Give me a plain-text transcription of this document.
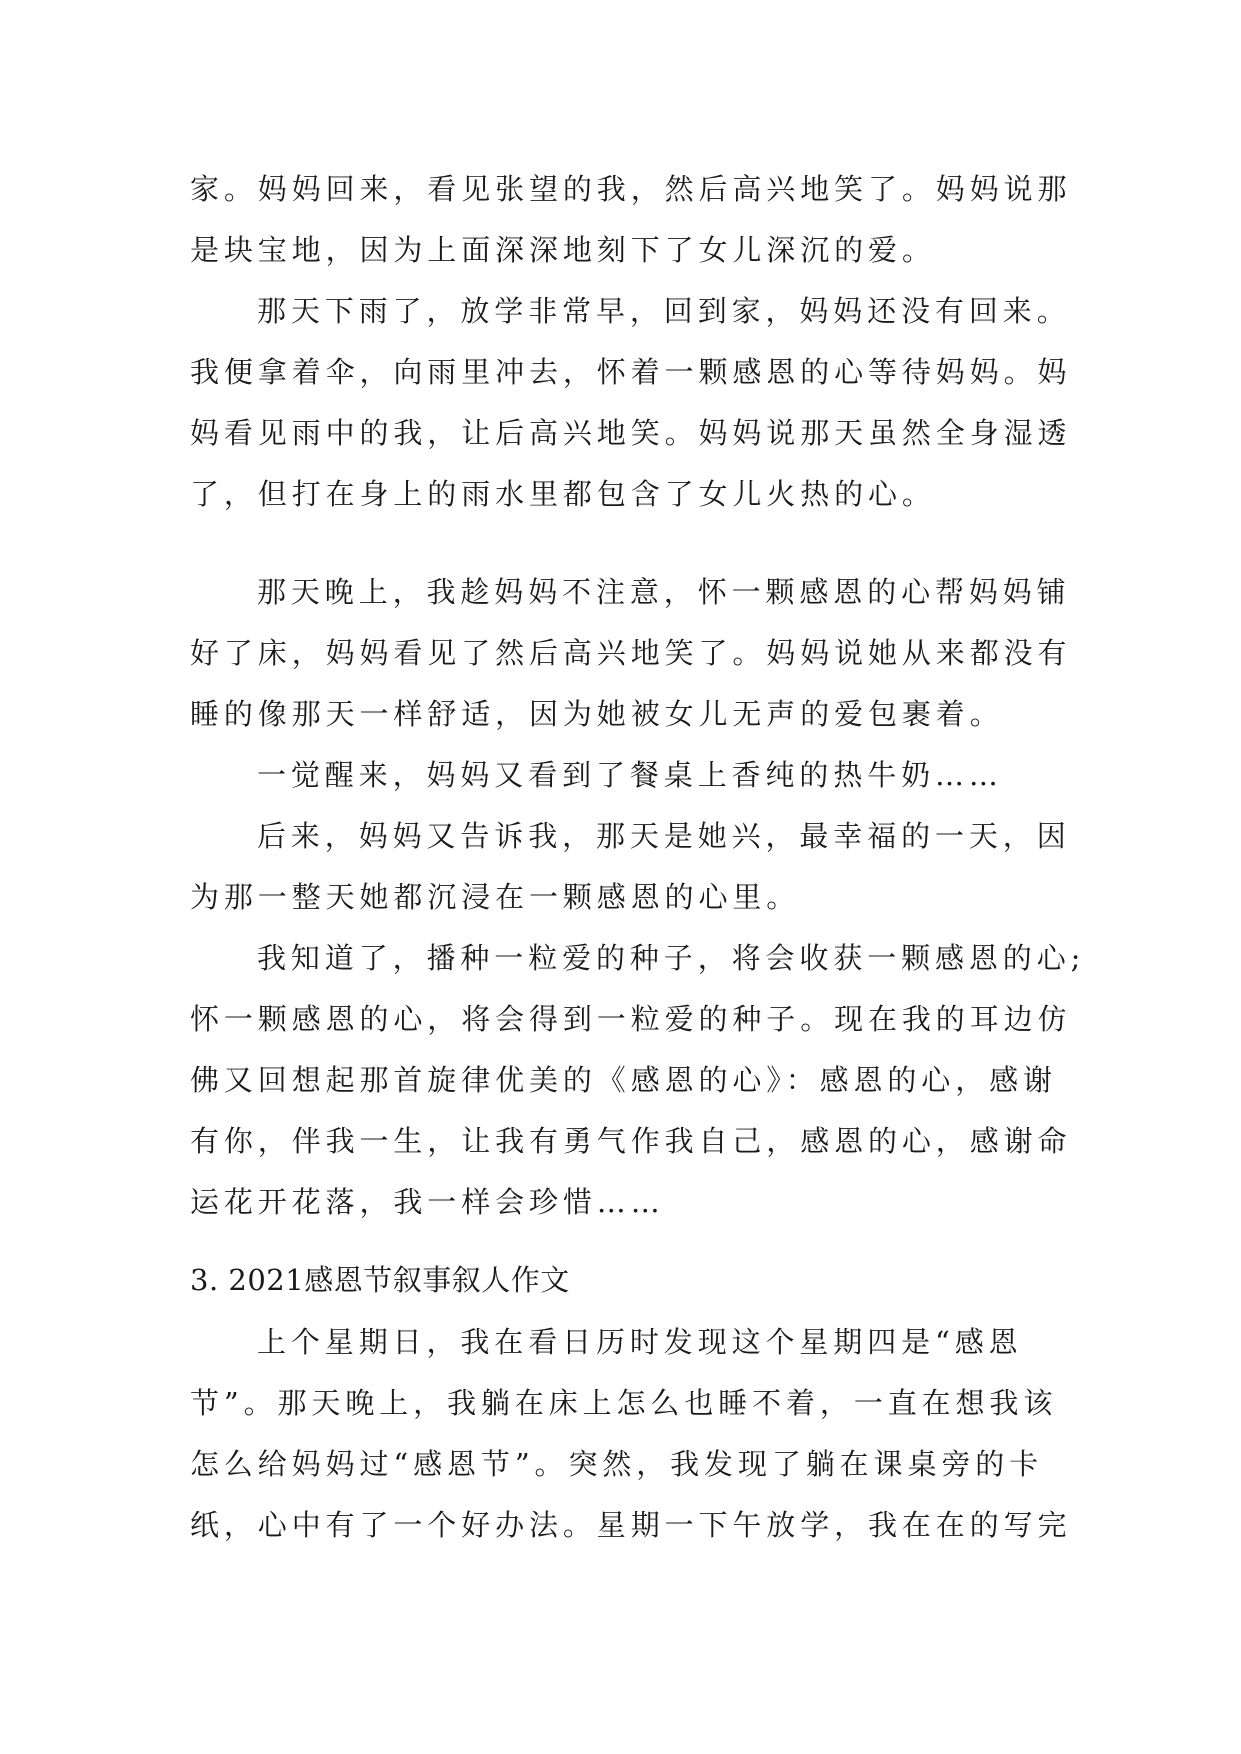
家。妈妈回来，看见张望的我，然后高兴地笑了。妈妈说那
是块宝地，因为上面深深地刻下了女儿深沉的爱。
那天下雨了，放学非常早，回到家，妈妈还没有回来。
我便拿着伞，向雨里冲去，怀着一颗感恩的心等待妈妈。妈
妈看见雨中的我，让后高兴地笑。妈妈说那天虽然全身湿透
了，但打在身上的雨水里都包含了女儿火热的心。
那天晚上，我趁妈妈不注意，怀一颗感恩的心帮妈妈铺
好了床，妈妈看见了然后高兴地笑了。妈妈说她从来都没有
睡的像那天一样舒适，因为她被女儿无声的爱包裹着。
一觉醒来，妈妈又看到了餐桌上香纯的热牛奶……
后来，妈妈又告诉我，那天是她兴，最幸福的一天，因
为那一整天她都沉浸在一颗感恩的心里。
我知道了，播种一粒爱的种子，将会收获一颗感恩的心;
怀一颗感恩的心，将会得到一粒爱的种子。现在我的耳边仿
佛又回想起那首旋律优美的《感恩的心》：感恩的心，感谢
有你，伴我一生，让我有勇气作我自己，感恩的心，感谢命
运花开花落，我一样会珍惜……
3. 2021感恩节叙事叙人作文
上个星期日，我在看日历时发现这个星期四是“感恩
节”。那天晚上，我躺在床上怎么也睡不着，一直在想我该
怎么给妈妈过“感恩节”。突然，我发现了躺在课桌旁的卡
纸，心中有了一个好办法。星期一下午放学，我在在的写完
